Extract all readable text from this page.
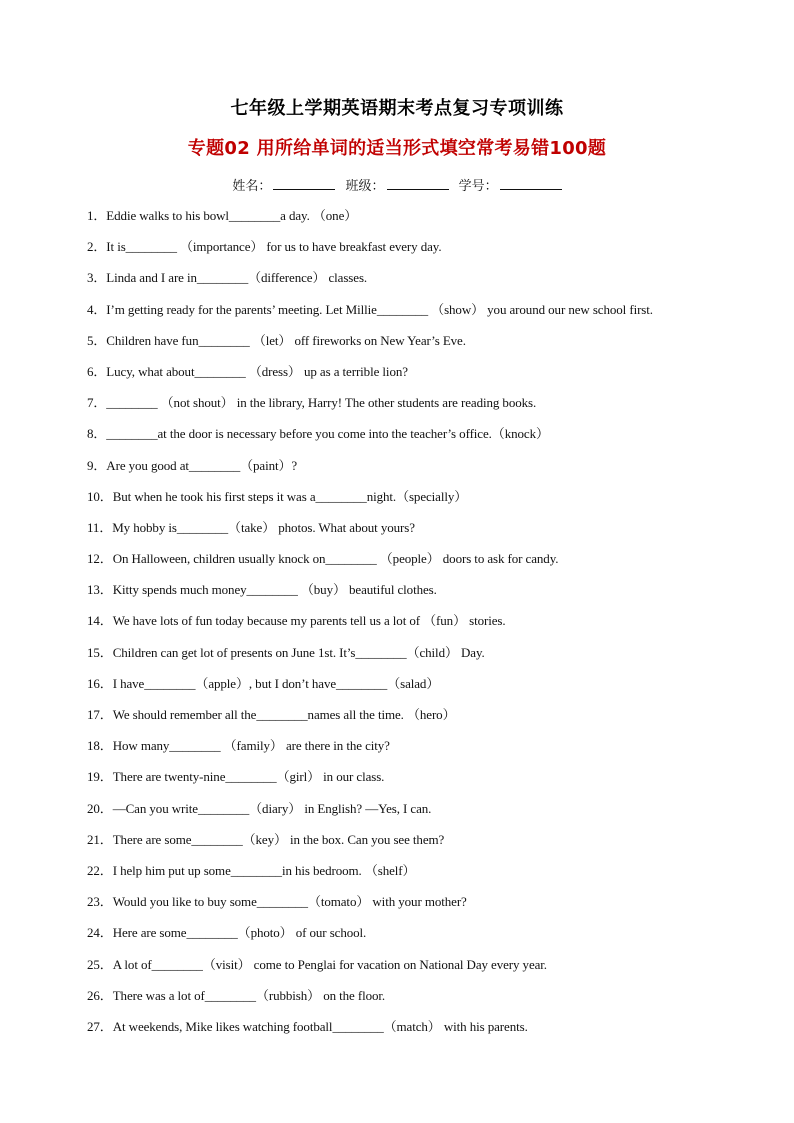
七年级上学期英语期末考点复习专项训练
专题02 用所给单词的适当形式填空常考易错100题
姓名：	班级：	学号：
1．Eddie walks to his bowl________a day. （one）
2．It is________ （importance） for us to have breakfast every day.
3．Linda and I are in________（difference） classes.
4．I’m getting ready for the parents’ meeting. Let Millie________ （show） you around our new school first.
5．Children have fun________ （let） off fireworks on New Year’s Eve.
6．Lucy, what about________ （dress） up as a terrible lion?
7．________ （not shout） in the library, Harry! The other students are reading books.
8．________at the door is necessary before you come into the teacher’s office.（knock）
9．Are you good at________（paint）?
10．But when he took his first steps it was a________night.（specially）
11．My hobby is________（take） photos. What about yours?
12．On Halloween, children usually knock on________ （people） doors to ask for candy.
13．Kitty spends much money________ （buy） beautiful clothes.
14．We have lots of fun today because my parents tell us a lot of （fun） stories.
15．Children can get lot of presents on June 1st. It’s________（child） Day.
16．I have________（apple）, but I don’t have________（salad）
17．We should remember all the________names all the time. （hero）
18．How many________ （family） are there in the city?
19．There are twenty-nine________（girl） in our class.
20．—Can you write________（diary） in English? —Yes, I can.
21．There are some________（key） in the box. Can you see them?
22．I help him put up some________in his bedroom. （shelf）
23．Would you like to buy some________（tomato） with your mother?
24．Here are some________（photo） of our school.
25．A lot of________（visit） come to Penglai for vacation on National Day every year.
26．There was a lot of________（rubbish） on the floor.
27．At weekends, Mike likes watching football________（match） with his parents.
